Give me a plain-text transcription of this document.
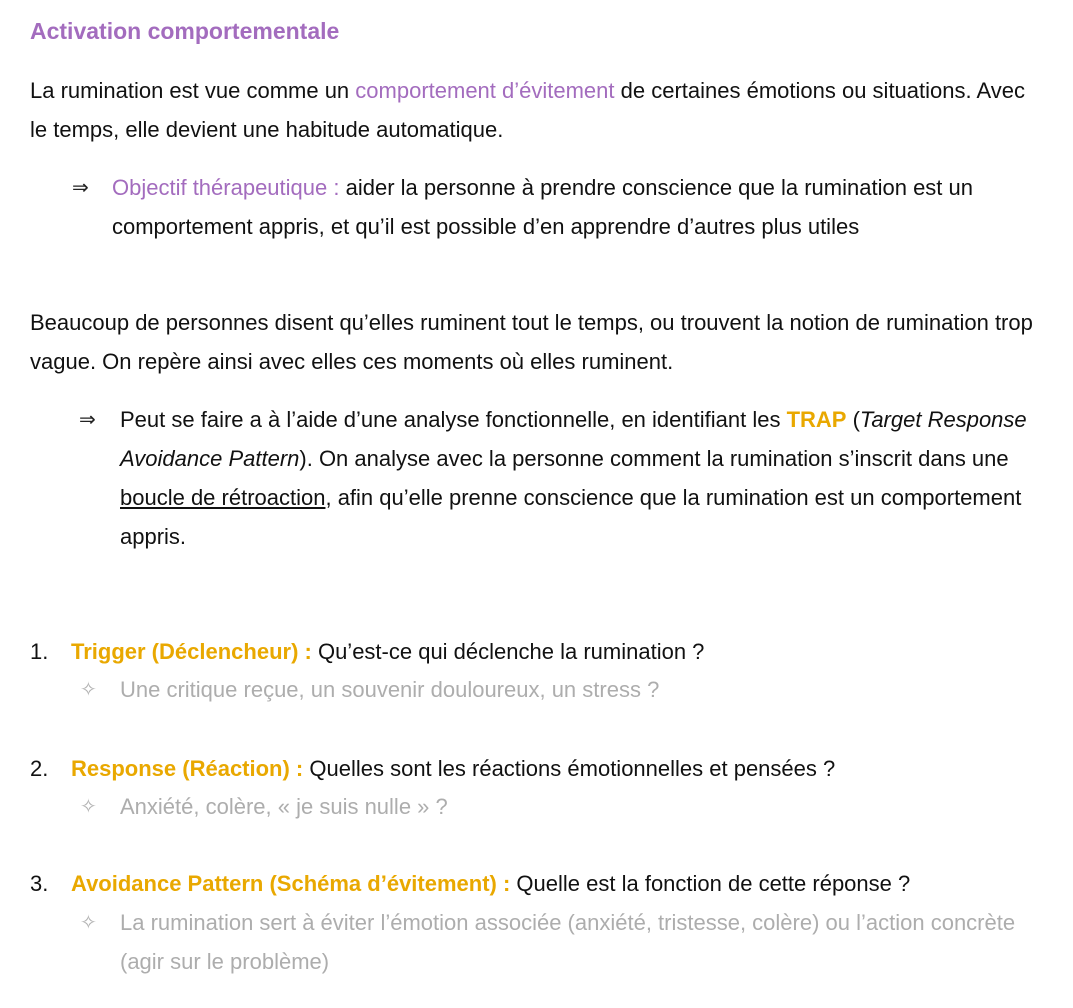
Activation comportementale

La rumination est vue comme un comportement d’évitement de certaines émotions ou situations. Avec le temps, elle devient une habitude automatique.

⇒ Objectif thérapeutique : aider la personne à prendre conscience que la rumination est un comportement appris, et qu’il est possible d’en apprendre d’autres plus utiles

Beaucoup de personnes disent qu’elles ruminent tout le temps, ou trouvent la notion de rumination trop vague. On repère ainsi avec elles ces moments où elles ruminent.

⇒ Peut se faire a à l’aide d’une analyse fonctionnelle, en identifiant les TRAP (Target Response Avoidance Pattern). On analyse avec la personne comment la rumination s’inscrit dans une boucle de rétroaction, afin qu’elle prenne conscience que la rumination est un comportement appris.

1. Trigger (Déclencheur) : Qu’est-ce qui déclenche la rumination ?
✧ Une critique reçue, un souvenir douloureux, un stress ?
2. Response (Réaction) : Quelles sont les réactions émotionnelles et pensées ?
✧ Anxiété, colère, « je suis nulle » ?
3. Avoidance Pattern (Schéma d’évitement) : Quelle est la fonction de cette réponse ?
✧ La rumination sert à éviter l’émotion associée (anxiété, tristesse, colère) ou l’action concrète (agir sur le problème)
